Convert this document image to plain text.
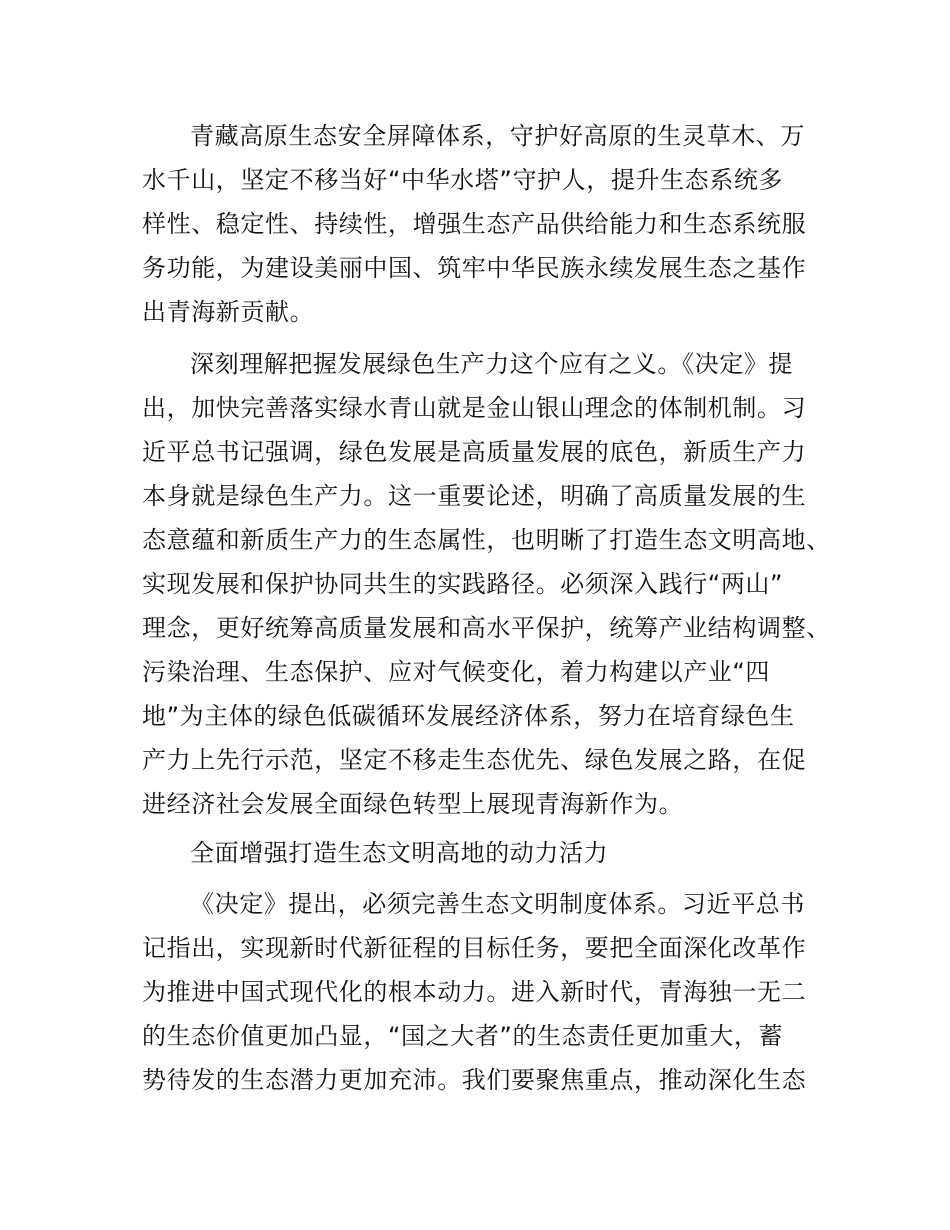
青藏高原生态安全屏障体系，守护好高原的生灵草木、万
水千山，坚定不移当好“中华水塔”守护人，提升生态系统多
样性、稳定性、持续性，增强生态产品供给能力和生态系统服
务功能，为建设美丽中国、筑牢中华民族永续发展生态之基作
出青海新贡献。
深刻理解把握发展绿色生产力这个应有之义。《决定》提
出，加快完善落实绿水青山就是金山银山理念的体制机制。习
近平总书记强调，绿色发展是高质量发展的底色，新质生产力
本身就是绿色生产力。这一重要论述，明确了高质量发展的生
态意蕴和新质生产力的生态属性，也明晰了打造生态文明高地、
实现发展和保护协同共生的实践路径。必须深入践行“两山”
理念，更好统筹高质量发展和高水平保护，统筹产业结构调整、
污染治理、生态保护、应对气候变化，着力构建以产业“四
地”为主体的绿色低碳循环发展经济体系，努力在培育绿色生
产力上先行示范，坚定不移走生态优先、绿色发展之路，在促
进经济社会发展全面绿色转型上展现青海新作为。
全面增强打造生态文明高地的动力活力
《决定》提出，必须完善生态文明制度体系。习近平总书
记指出，实现新时代新征程的目标任务，要把全面深化改革作
为推进中国式现代化的根本动力。进入新时代，青海独一无二
的生态价值更加凸显，“国之大者”的生态责任更加重大，蓄
势待发的生态潜力更加充沛。我们要聚焦重点，推动深化生态
